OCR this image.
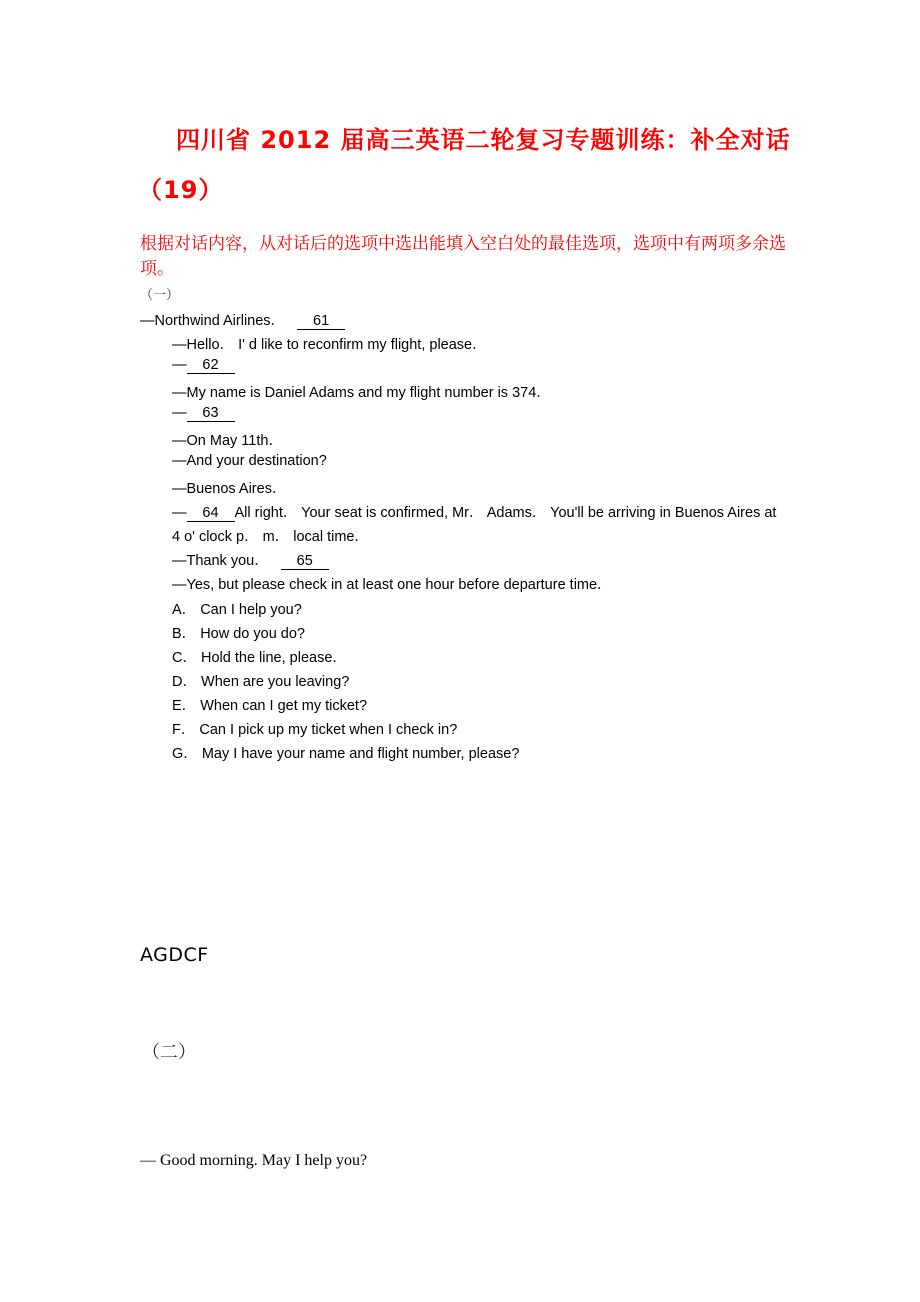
四川省 2012 届高三英语二轮复习专题训练：补全对话
（19）
根据对话内容，从对话后的选项中选出能填入空白处的最佳选项，选项中有两项多余选项。
（一）
—Northwind Airlines． 61
—Hello． I' d like to reconfirm my flight, please．
— 62
—My name is Daniel Adams and my flight number is 374．
— 63
—On May 11th．
—And your destination?
—Buenos Aires．
— 64 All right． Your seat is confirmed, Mr． Adams． You'll be arriving in Buenos Aires at
4 o' clock p． m． local time．
—Thank you． 65
—Yes, but please check in at least one hour before departure time．
A． Can I help you?
B． How do you do?
C． Hold the line, please．
D． When are you leaving?
E． When can I get my ticket?
F． Can I pick up my ticket when I check in?
G． May I have your name and flight number, please?
AGDCF
（二）
— Good morning. May I help you?
